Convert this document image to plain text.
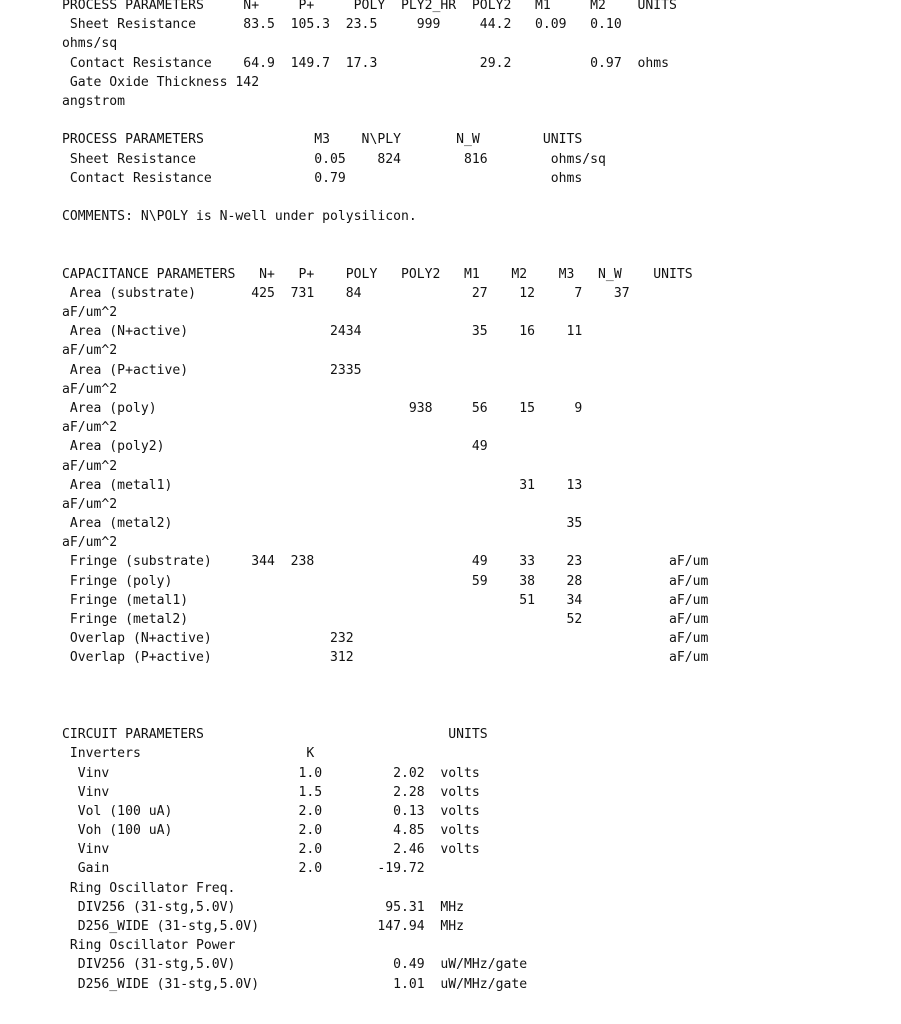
PROCESS PARAMETERS     N+     P+     POLY  PLY2_HR  POLY2   M1     M2    UNITS
Sheet Resistance      83.5  105.3  23.5     999     44.2   0.09   0.10
ohms/sq
Contact Resistance    64.9  149.7  17.3             29.2          0.97  ohms
Gate Oxide Thickness 142
angstrom
PROCESS PARAMETERS              M3    N\PLY       N_W        UNITS
Sheet Resistance               0.05    824        816        ohms/sq
Contact Resistance             0.79                          ohms
COMMENTS: N\POLY is N-well under polysilicon.
CAPACITANCE PARAMETERS   N+   P+    POLY   POLY2   M1    M2    M3   N_W    UNITS
Area (substrate)       425  731    84              27    12     7    37
aF/um^2
Area (N+active)                  2434              35    16    11
aF/um^2
Area (P+active)                  2335
aF/um^2
Area (poly)                                938     56    15     9
aF/um^2
Area (poly2)                                       49
aF/um^2
Area (metal1)                                            31    13
aF/um^2
Area (metal2)                                                  35
aF/um^2
Fringe (substrate)     344  238                    49    33    23           aF/um
Fringe (poly)                                      59    38    28           aF/um
Fringe (metal1)                                          51    34           aF/um
Fringe (metal2)                                                52           aF/um
Overlap (N+active)               232                                        aF/um
Overlap (P+active)               312                                        aF/um
CIRCUIT PARAMETERS                               UNITS
Inverters                     K
Vinv                        1.0         2.02  volts
Vinv                        1.5         2.28  volts
Vol (100 uA)                2.0         0.13  volts
Voh (100 uA)                2.0         4.85  volts
Vinv                        2.0         2.46  volts
Gain                        2.0       -19.72
Ring Oscillator Freq.
DIV256 (31-stg,5.0V)                   95.31  MHz
D256_WIDE (31-stg,5.0V)               147.94  MHz
Ring Oscillator Power
DIV256 (31-stg,5.0V)                    0.49  uW/MHz/gate
D256_WIDE (31-stg,5.0V)                 1.01  uW/MHz/gate
